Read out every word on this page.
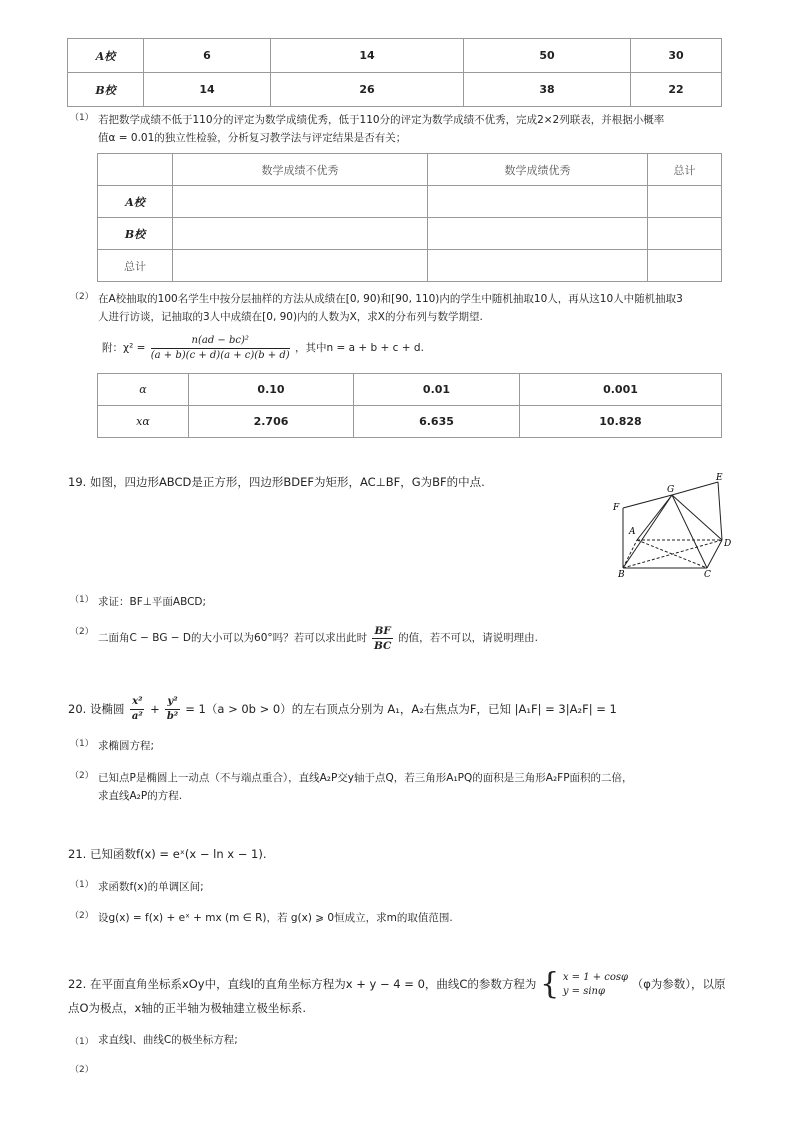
A校	6	14	50	30
B校	14	26	38	22
（1） 若把数学成绩不低于110分的评定为数学成绩优秀，低于110分的评定为数学成绩不优秀，完成2×2列联表，并根据小概率
值α = 0.01的独立性检验，分析复习教学法与评定结果是否有关；
	数学成绩不优秀	数学成绩优秀	总计
A校			
B校			
总计			
（2） 在A校抽取的100名学生中按分层抽样的方法从成绩在[0, 90)和[90, 110)内的学生中随机抽取10人，再从这10人中随机抽取3
人进行访谈，记抽取的3人中成绩在[0, 90)内的人数为X，求X的分布列与数学期望.
附：$\chi^2 = \frac{\text{n(ad − bc)²}}{(a + b)(c + d)(a + c)(b + d)}$ ，其中n = a + b + c + d.
α	0.10	0.01	0.001
xα	2.706	6.635	10.828
19. 如图，四边形ABCD是正方形，四边形BDEF为矩形，AC⊥BF，G为BF的中点.	E
F
G
A
D
B	C
（1） 求证：BF⊥平面ABCD;
（2） 二面角C − BG − D的大小可以为60°吗？若可以求出此时 $\frac{BF}{BC}$ 的值，若不可以，请说明理由.
20. 设椭圆 $\frac{\text{x²}}{\text{a²}} + \frac{\text{y²}}{\text{b²}} = 1(a > 0b > 0)$的左右顶点分别为 A₁，A₂右焦点为F，已知 |A₁F| = 3|A₂F| = 1
（1） 求椭圆方程;
（2） 已知点P是椭圆上一动点（不与端点重合），直线A₂P交y轴于点Q，若三角形A₁PQ的面积是三角形A₂FP面积的二倍，
求直线A₂P的方程.
21. 已知函数f(x) = eˣ(x − ln x − 1).
（1） 求函数f(x)的单调区间;
（2） 设g(x) = f(x) + eˣ + mx (m ∈ R)，若 g(x) ⩾ 0恒成立，求m的取值范围.
22. 在平面直角坐标系xOy中，直线l的直角坐标方程为x + y − 4 = 0，曲线C的参数方程为 { x = 1 + cosφ
y = sinφ	（φ为参数），以原
点O为极点，x轴的正半轴为极轴建立极坐标系.
（1） 求直线l、曲线C的极坐标方程;
（2）
